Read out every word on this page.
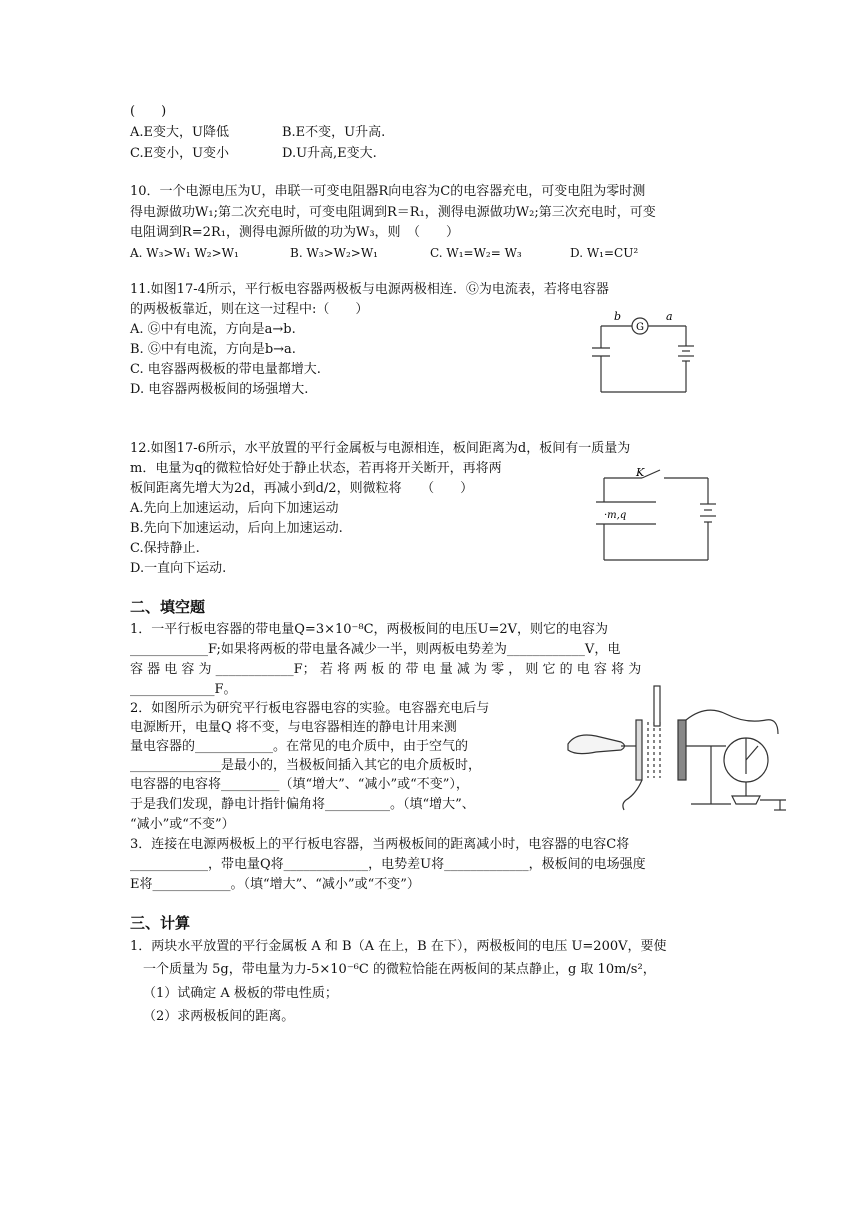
(　　)
A.E变大，U降低	B.E不变，U升高.
C.E变小，U变小	D.U升高,E变大.
10．一个电源电压为U，串联一可变电阻器R向电容为C的电容器充电，可变电阻为零时测
得电源做功W₁;第二次充电时，可变电阻调到R＝R₁，测得电源做功W₂;第三次充电时，可变
电阻调到R=2R₁，测得电源所做的功为W₃，则　（　　）
A. W₃>W₁ W₂>W₁	B. W₃>W₂>W₁	C. W₁=W₂= W₃	D. W₁=CU²
11.如图17-4所示，平行板电容器两极板与电源两极相连．Ⓖ为电流表，若将电容器
的两极板靠近，则在这一过程中:（　　）
A. Ⓖ中有电流，方向是a→b.
B. Ⓖ中有电流，方向是b→a.
C. 电容器两极板的带电量都增大.
D. 电容器两极板间的场强增大.
G
b	a
12.如图17-6所示，水平放置的平行金属板与电源相连，板间距离为d，板间有一质量为
m．电量为q的微粒恰好处于静止状态，若再将开关断开，再将两
板间距离先增大为2d，再减小到d/2，则微粒将　　（　　）
A.先向上加速运动，后向下加速运动
B.先向下加速运动，后向上加速运动.
C.保持静止.
D.一直向下运动.
K
·m,q
二、填空题
1．一平行板电容器的带电量Q=3×10⁻⁸C，两极板间的电压U=2V，则它的电容为
____________F;如果将两板的带电量各减少一半，则两板电势差为____________V，电
容 器 电 容 为 ____________F； 若 将 两 板 的 带 电 量 减 为 零 ， 则 它 的 电 容 将 为
_____________F。
2．如图所示为研究平行板电容器电容的实验。电容器充电后与
电源断开，电量Q 将不变，与电容器相连的静电计用来测
量电容器的____________。在常见的电介质中，由于空气的
______________是最小的，当极板间插入其它的电介质板时，
电容器的电容将_________（填“增大”、“减小”或“不变”），
于是我们发现，静电计指针偏角将__________。（填“增大”、
“减小”或“不变”）
3．连接在电源两极板上的平行板电容器，当两极板间的距离减小时，电容器的电容C将
____________，带电量Q将_____________，电势差U将_____________，极板间的电场强度
E将____________。（填“增大”、“减小”或“不变”）
三、计算
1．两块水平放置的平行金属板 A 和 B（A 在上，B 在下），两极板间的电压 U=200V，要使
一个质量为 5g，带电量为力-5×10⁻⁶C 的微粒恰能在两板间的某点静止，g 取 10m/s²，
（1）试确定 A 极板的带电性质；
（2）求两极板间的距离。
